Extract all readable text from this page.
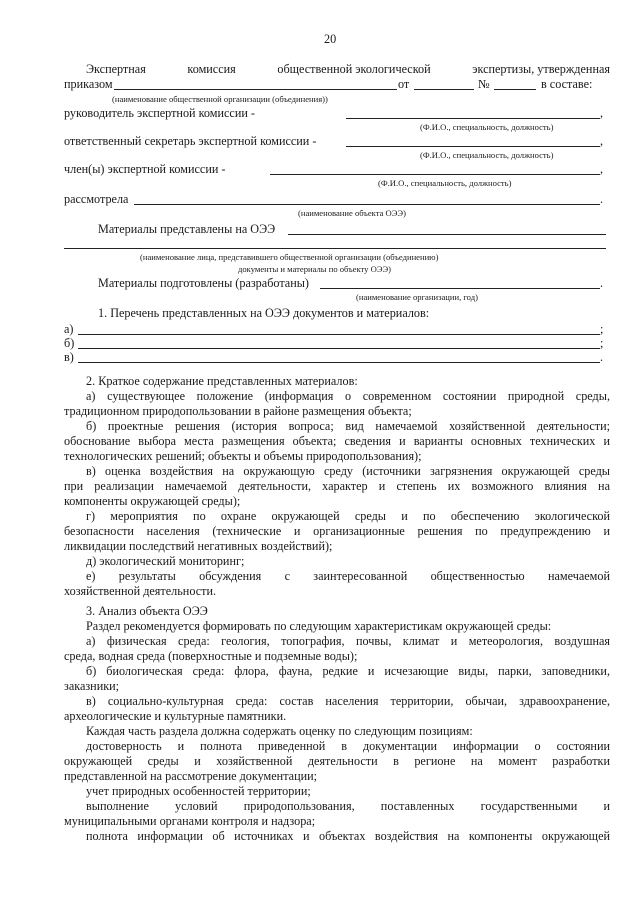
20
Экспертная	комиссия	общественной экологической	экспертизы, утвержденная
приказом	от	№	в составе:
(наименование общественной организации (объединения))
руководитель экспертной комиссии -	,
(Ф.И.О., специальность, должность)
ответственный секретарь экспертной комиссии -	,
(Ф.И.О., специальность, должность)
член(ы) экспертной комиссии -	,
(Ф.И.О., специальность, должность)
рассмотрела	.
(наименование объекта ОЭЭ)
Материалы представлены на ОЭЭ
(наименование лица, представившего общественной организации (объединению)
документы и материалы по объекту ОЭЭ)
Материалы подготовлены (разработаны)	.
(наименование организации, год)
1. Перечень представленных на ОЭЭ документов и материалов:
а)	;
б)	;
в)	.
2. Краткое содержание представленных материалов:
а) существующее положение (информация о современном состоянии природной среды,
традиционном природопользовании в районе размещения объекта;
б) проектные решения (история вопроса; вид намечаемой хозяйственной деятельности;
обоснование выбора места размещения объекта; сведения и варианты основных технических и
технологических решений; объекты и объемы природопользования);
в) оценка воздействия на окружающую среду (источники загрязнения окружающей среды
при реализации намечаемой деятельности, характер и степень их возможного влияния на
компоненты окружающей среды);
г) мероприятия по охране окружающей среды и по обеспечению экологической
безопасности населения (технические и организационные решения по предупреждению и
ликвидации последствий негативных воздействий);
д) экологический мониторинг;
е) результаты обсуждения с заинтересованной общественностью намечаемой
хозяйственной деятельности.
3. Анализ объекта ОЭЭ
Раздел рекомендуется формировать по следующим характеристикам окружающей среды:
а) физическая среда: геология, топография, почвы, климат и метеорология, воздушная
среда, водная среда (поверхностные и подземные воды);
б) биологическая среда: флора, фауна, редкие и исчезающие виды, парки, заповедники,
заказники;
в) социально-культурная среда: состав населения территории, обычаи, здравоохранение,
археологические и культурные памятники.
Каждая часть раздела должна содержать оценку по следующим позициям:
достоверность и полнота приведенной в документации информации о состоянии
окружающей среды и хозяйственной деятельности в регионе на момент разработки
представленной на рассмотрение документации;
учет природных особенностей территории;
выполнение условий природопользования, поставленных государственными и
муниципальными органами контроля и надзора;
полнота информации об источниках и объектах воздействия на компоненты окружающей
